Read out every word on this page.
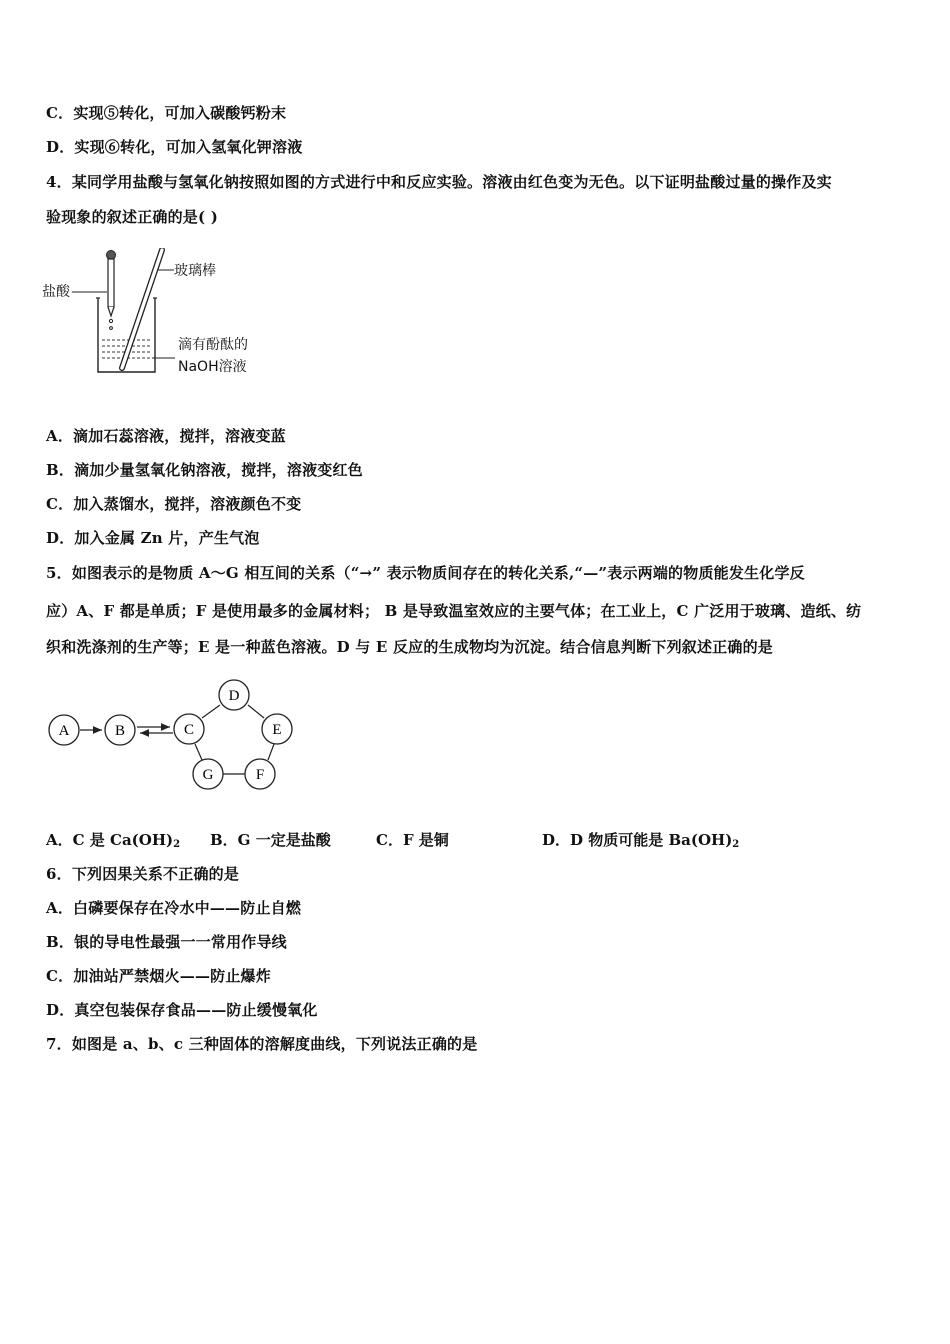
C．实现⑤转化，可加入碳酸钙粉末
D．实现⑥转化，可加入氢氧化钾溶液
4．某同学用盐酸与氢氧化钠按照如图的方式进行中和反应实验。溶液由红色变为无色。以下证明盐酸过量的操作及实
验现象的叙述正确的是( )
盐酸
玻璃棒
滴有酚酞的
NaOH溶液
A．滴加石蕊溶液，搅拌，溶液变蓝
B．滴加少量氢氧化钠溶液，搅拌，溶液变红色
C．加入蒸馏水，搅拌，溶液颜色不变
D．加入金属 Zn 片，产生气泡
5．如图表示的是物质 A～G 相互间的关系（“→” 表示物质间存在的转化关系,“—”表示两端的物质能发生化学反
应）A、F 都是单质；F 是使用最多的金属材料； B 是导致温室效应的主要气体；在工业上，C 广泛用于玻璃、造纸、纺
织和洗涤剂的生产等；E 是一种蓝色溶液。D 与 E 反应的生成物均为沉淀。结合信息判断下列叙述正确的是
A	B	C
D
E
F
G
A．C 是 $Ca(OH)_2$ B．G 一定是盐酸	C．F 是铜	D．D 物质可能是 $Ba(OH)_2$
6．下列因果关系不正确的是
A．白磷要保存在冷水中——防止自燃
B．银的导电性最强一一常用作导线
C．加油站严禁烟火——防止爆炸
D．真空包装保存食品——防止缓慢氧化
7．如图是 a、b、c 三种固体的溶解度曲线，下列说法正确的是
